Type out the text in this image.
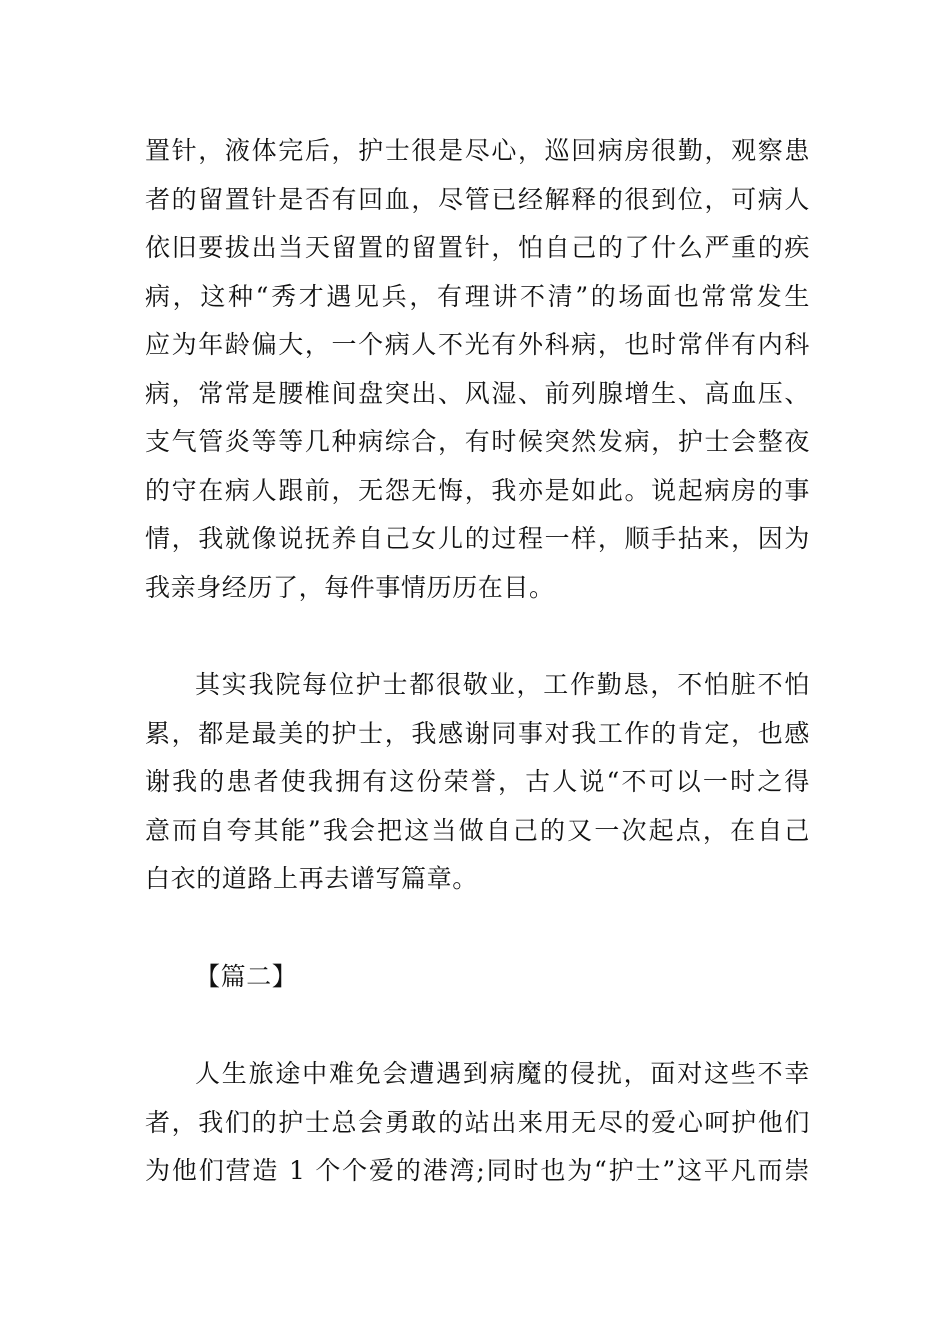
置针，液体完后，护士很是尽心，巡回病房很勤，观察患
者的留置针是否有回血，尽管已经解释的很到位，可病人
依旧要拔出当天留置的留置针，怕自己的了什么严重的疾
病，这种“秀才遇见兵，有理讲不清”的场面也常常发生
应为年龄偏大，一个病人不光有外科病，也时常伴有内科
病，常常是腰椎间盘突出、风湿、前列腺增生、高血压、
支气管炎等等几种病综合，有时候突然发病，护士会整夜
的守在病人跟前，无怨无悔，我亦是如此。说起病房的事
情，我就像说抚养自己女儿的过程一样，顺手拈来，因为
我亲身经历了，每件事情历历在目。
其实我院每位护士都很敬业，工作勤恳，不怕脏不怕
累，都是最美的护士，我感谢同事对我工作的肯定，也感
谢我的患者使我拥有这份荣誉，古人说“不可以一时之得
意而自夸其能”我会把这当做自己的又一次起点，在自己
白衣的道路上再去谱写篇章。
【篇二】
人生旅途中难免会遭遇到病魔的侵扰，面对这些不幸
者，我们的护士总会勇敢的站出来用无尽的爱心呵护他们
为他们营造 1 个个爱的港湾;同时也为“护士”这平凡而崇
